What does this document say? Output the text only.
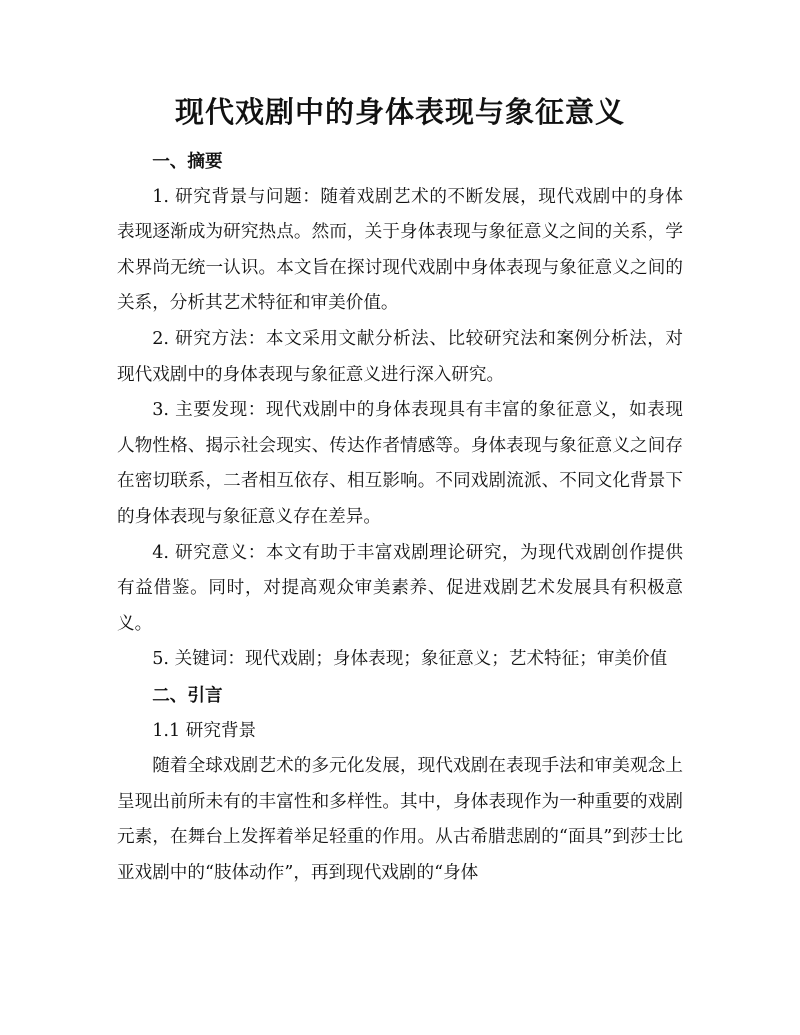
现代戏剧中的身体表现与象征意义
一、摘要

1. 研究背景与问题：随着戏剧艺术的不断发展，现代戏剧中的身体表现逐渐成为研究热点。然而，关于身体表现与象征意义之间的关系，学术界尚无统一认识。本文旨在探讨现代戏剧中身体表现与象征意义之间的关系，分析其艺术特征和审美价值。

2. 研究方法：本文采用文献分析法、比较研究法和案例分析法，对现代戏剧中的身体表现与象征意义进行深入研究。

3. 主要发现：现代戏剧中的身体表现具有丰富的象征意义，如表现人物性格、揭示社会现实、传达作者情感等。身体表现与象征意义之间存在密切联系，二者相互依存、相互影响。不同戏剧流派、不同文化背景下的身体表现与象征意义存在差异。

4. 研究意义：本文有助于丰富戏剧理论研究，为现代戏剧创作提供有益借鉴。同时，对提高观众审美素养、促进戏剧艺术发展具有积极意义。

5. 关键词：现代戏剧；身体表现；象征意义；艺术特征；审美价值

二、引言

1.1 研究背景

随着全球戏剧艺术的多元化发展，现代戏剧在表现手法和审美观念上呈现出前所未有的丰富性和多样性。其中，身体表现作为一种重要的戏剧元素，在舞台上发挥着举足轻重的作用。从古希腊悲剧的“面具”到莎士比亚戏剧中的“肢体动作”，再到现代戏剧的“身体
